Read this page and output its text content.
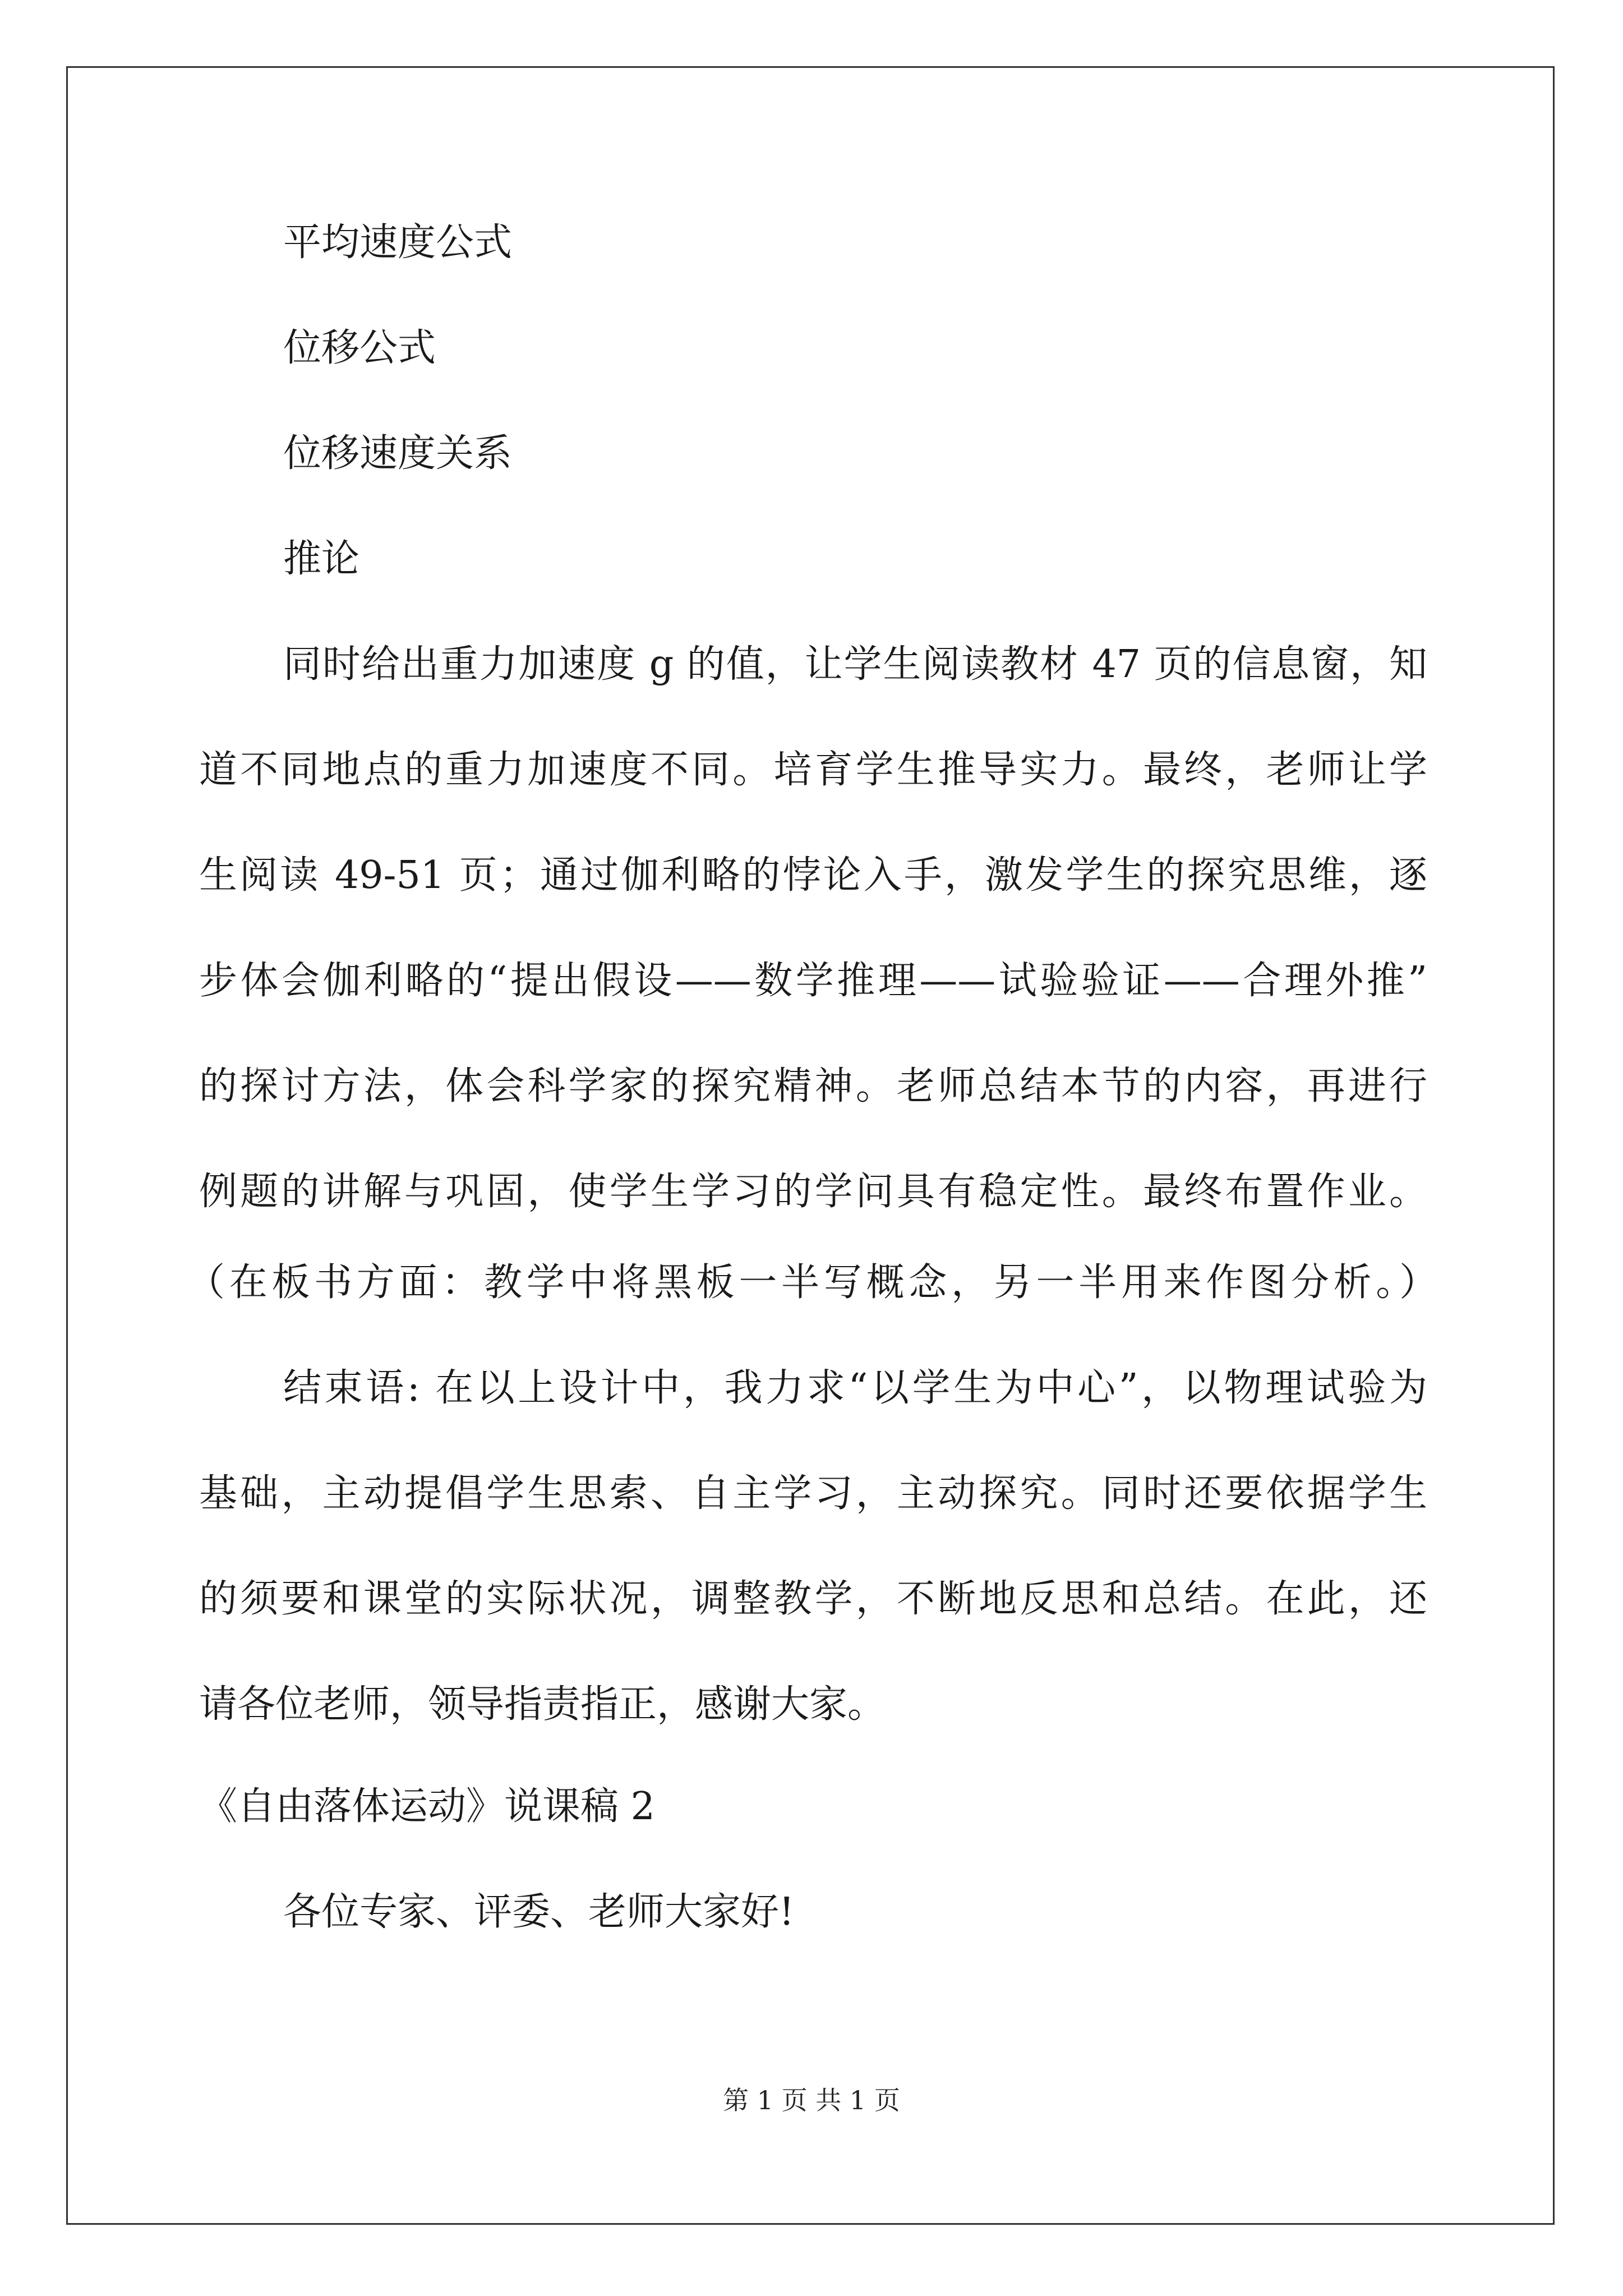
平均速度公式
位移公式
位移速度关系
推论
同时给出重力加速度 g 的值，让学生阅读教材 47 页的信息窗，知
道不同地点的重力加速度不同。培育学生推导实力。最终，老师让学
生阅读 49-51 页；通过伽利略的悖论入手，激发学生的探究思维，逐
步体会伽利略的“提出假设——数学推理——试验验证——合理外推”
的探讨方法，体会科学家的探究精神。老师总结本节的内容，再进行
例题的讲解与巩固，使学生学习的学问具有稳定性。最终布置作业。
（在板书方面：教学中将黑板一半写概念，另一半用来作图分析。）
结束语: 在以上设计中，我力求“以学生为中心”，以物理试验为
基础，主动提倡学生思索、自主学习，主动探究。同时还要依据学生
的须要和课堂的实际状况，调整教学，不断地反思和总结。在此，还
请各位老师，领导指责指正，感谢大家。
《自由落体运动》说课稿 2
各位专家、评委、老师大家好!
第 1 页 共 1 页
